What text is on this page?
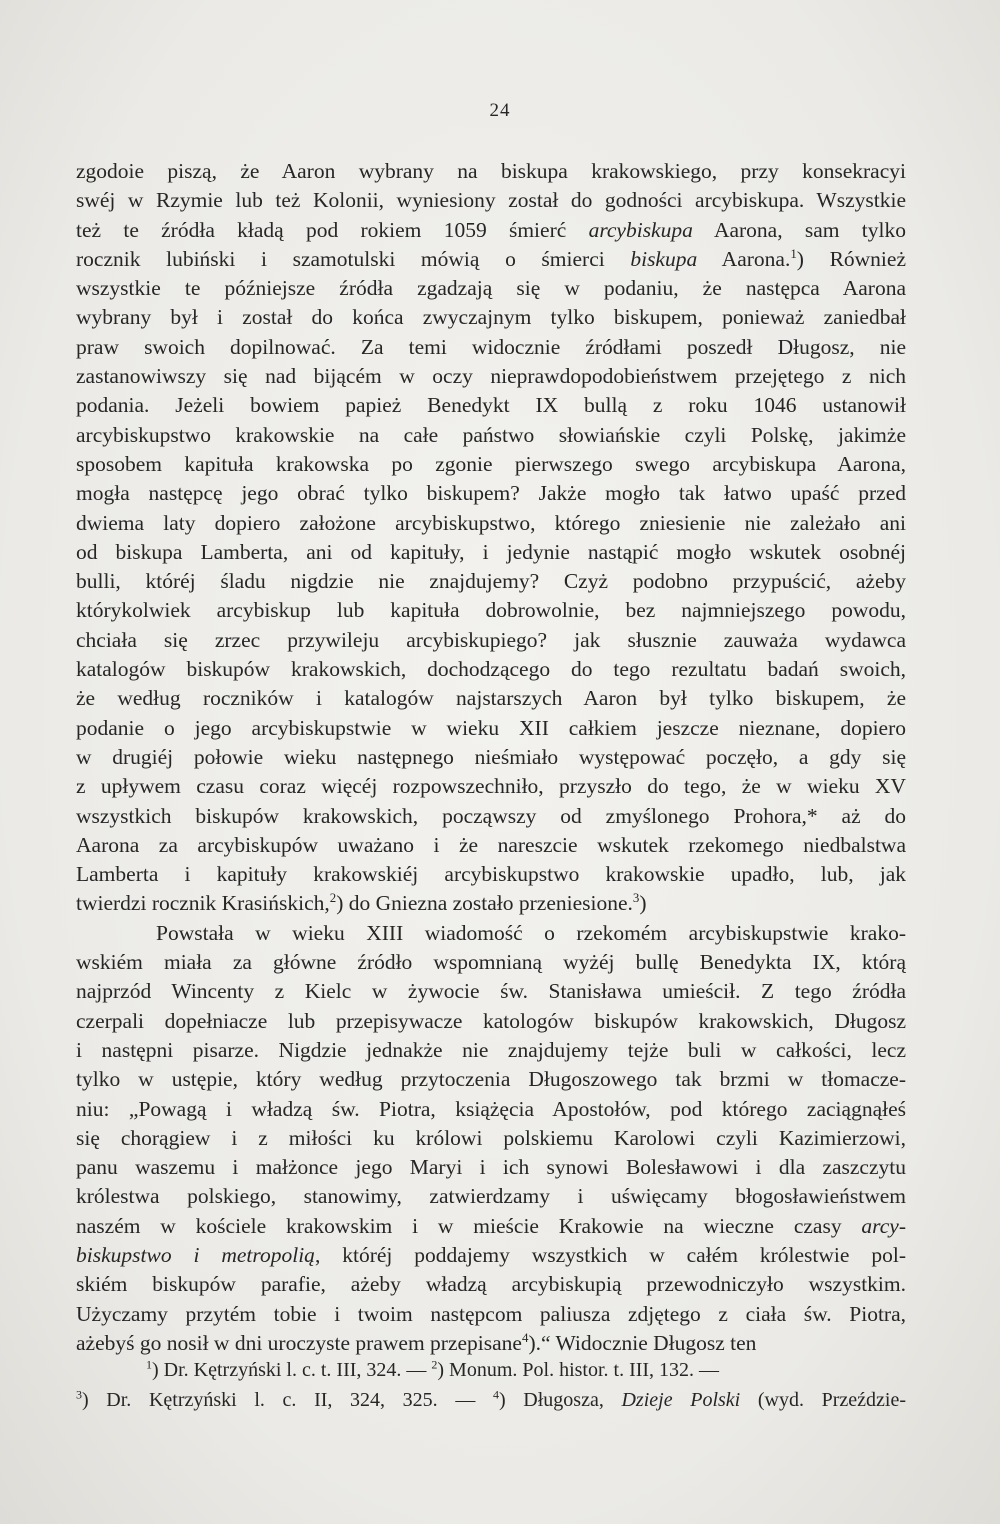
24
zgodoie piszą, że Aaron wybrany na biskupa krakowskiego, przy konsekracyi
swéj w Rzymie lub też Kolonii, wyniesiony został do godności arcybiskupa. Wszystkie
też te źródła kładą pod rokiem 1059 śmierć arcybiskupa Aarona, sam tylko
rocznik lubiński i szamotulski mówią o śmierci biskupa Aarona.$^1$) Również
wszystkie te późniejsze źródła zgadzają się w podaniu, że następca Aarona
wybrany był i został do końca zwyczajnym tylko biskupem, ponieważ zaniedbał
praw swoich dopilnować. Za temi widocznie źródłami poszedł Długosz, nie
zastanowiwszy się nad bijącém w oczy nieprawdopodobieństwem przejętego z nich
podania. Jeżeli bowiem papież Benedykt IX bullą z roku 1046 ustanowił
arcybiskupstwo krakowskie na całe państwo słowiańskie czyli Polskę, jakimże
sposobem kapituła krakowska po zgonie pierwszego swego arcybiskupa Aarona,
mogła następcę jego obrać tylko biskupem? Jakże mogło tak łatwo upaść przed
dwiema laty dopiero założone arcybiskupstwo, którego zniesienie nie zależało ani
od biskupa Lamberta, ani od kapituły, i jedynie nastąpić mogło wskutek osobnéj
bulli, któréj śladu nigdzie nie znajdujemy? Czyż podobno przypuścić, ażeby
którykolwiek arcybiskup lub kapituła dobrowolnie, bez najmniejszego powodu,
chciała się zrzec przywileju arcybiskupiego? jak słusznie zauważa wydawca
katalogów biskupów krakowskich, dochodzącego do tego rezultatu badań swoich,
że według roczników i katalogów najstarszych Aaron był tylko biskupem, że
podanie o jego arcybiskupstwie w wieku XII całkiem jeszcze nieznane, dopiero
w drugiéj połowie wieku następnego nieśmiało występować poczęło, a gdy się
z upływem czasu coraz więcéj rozpowszechniło, przyszło do tego, że w wieku XV
wszystkich biskupów krakowskich, począwszy od zmyślonego Prohora,* aż do
Aarona za arcybiskupów uważano i że nareszcie wskutek rzekomego niedbalstwa
Lamberta i kapituły krakowskiéj arcybiskupstwo krakowskie upadło, lub, jak
twierdzi rocznik Krasińskich,$^2$) do Gniezna zostało przeniesione.$^3$)
Powstała w wieku XIII wiadomość o rzekomém arcybiskupstwie krako-
wskiém miała za główne źródło wspomnianą wyżéj bullę Benedykta IX, którą
najprzód Wincenty z Kielc w żywocie św. Stanisława umieścił. Z tego źródła
czerpali dopełniacze lub przepisywacze katologów biskupów krakowskich, Długosz
i następni pisarze. Nigdzie jednakże nie znajdujemy tejże buli w całkości, lecz
tylko w ustępie, który według przytoczenia Długoszowego tak brzmi w tłomacze-
niu: „Powagą i władzą św. Piotra, książęcia Apostołów, pod którego zaciągnąłeś
się chorągiew i z miłości ku królowi polskiemu Karolowi czyli Kazimierzowi,
panu waszemu i małżonce jego Maryi i ich synowi Bolesławowi i dla zaszczytu
królestwa polskiego, stanowimy, zatwierdzamy i uświęcamy błogosławieństwem
naszém w kościele krakowskim i w mieście Krakowie na wieczne czasy arcy-
biskupstwo i metropolią, któréj poddajemy wszystkich w całém królestwie pol-
skiém biskupów parafie, ażeby władzą arcybiskupią przewodniczyło wszystkim.
Użyczamy przytém tobie i twoim następcom paliusza zdjętego z ciała św. Piotra,
ażebyś go nosił w dni uroczyste prawem przepisane$^4$).“ Widocznie Długosz ten
$^1$) Dr. Kętrzyński l. c. t. III, 324. — $^2$) Monum. Pol. histor. t. III, 132. —
$^3$) Dr. Kętrzyński l. c. II, 324, 325. — $^4$) Długosza, Dzieje Polski (wyd. Przeździe-
